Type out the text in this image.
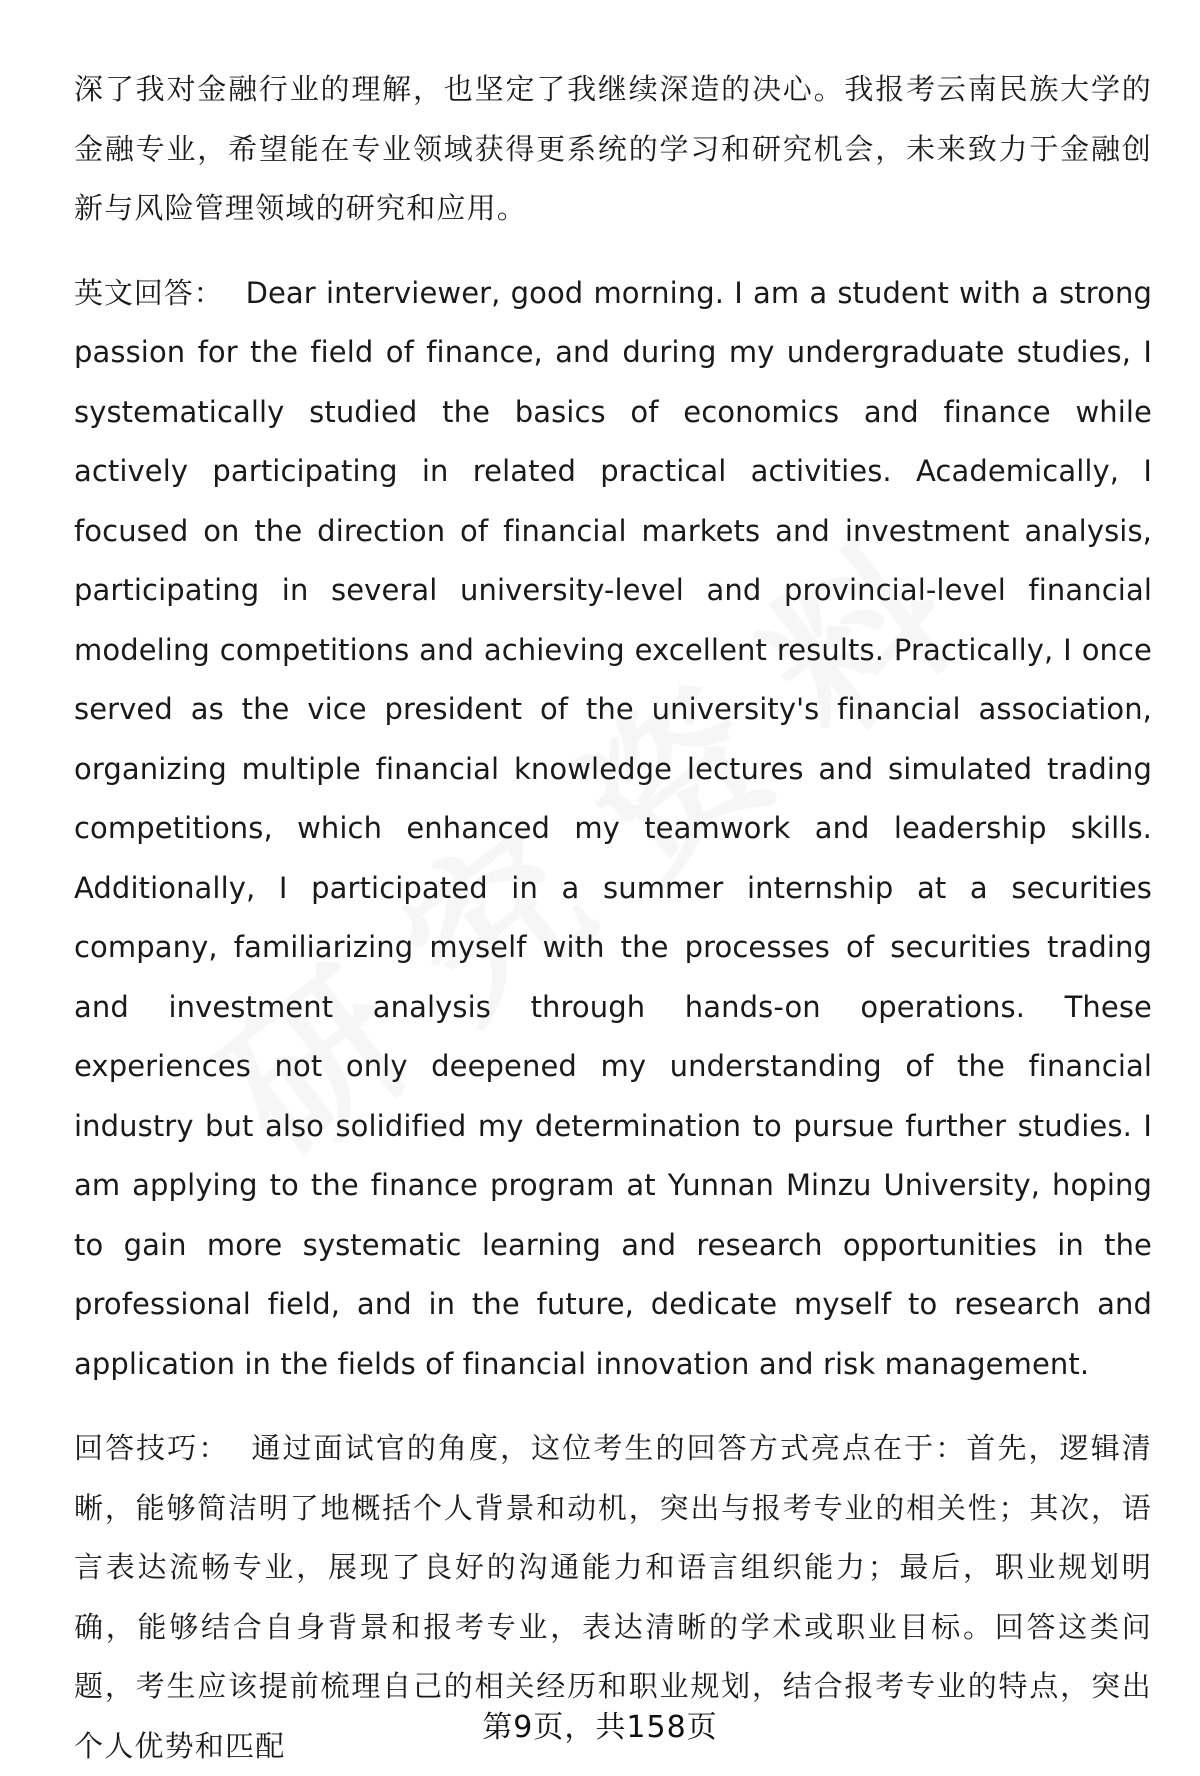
深了我对金融行业的理解，也坚定了我继续深造的决心。我报考云南民族大学的金融专业，希望能在专业领域获得更系统的学习和研究机会，未来致力于金融创新与风险管理领域的研究和应用。

英文回答： Dear interviewer, good morning. I am a student with a strong passion for the field of finance, and during my undergraduate studies, I systematically studied the basics of economics and finance while actively participating in related practical activities. Academically, I focused on the direction of financial markets and investment analysis, participating in several university-level and provincial-level financial modeling competitions and achieving excellent results. Practically, I once served as the vice president of the university's financial association, organizing multiple financial knowledge lectures and simulated trading competitions, which enhanced my teamwork and leadership skills. Additionally, I participated in a summer internship at a securities company, familiarizing myself with the processes of securities trading and investment analysis through hands-on operations. These experiences not only deepened my understanding of the financial industry but also solidified my determination to pursue further studies. I am applying to the finance program at Yunnan Minzu University, hoping to gain more systematic learning and research opportunities in the professional field, and in the future, dedicate myself to research and application in the fields of financial innovation and risk management.

回答技巧： 通过面试官的角度，这位考生的回答方式亮点在于：首先，逻辑清晰，能够简洁明了地概括个人背景和动机，突出与报考专业的相关性；其次，语言表达流畅专业，展现了良好的沟通能力和语言组织能力；最后，职业规划明确，能够结合自身背景和报考专业，表达清晰的学术或职业目标。回答这类问题，考生应该提前梳理自己的相关经历和职业规划，结合报考专业的特点，突出个人优势和匹配

第9页，共158页
